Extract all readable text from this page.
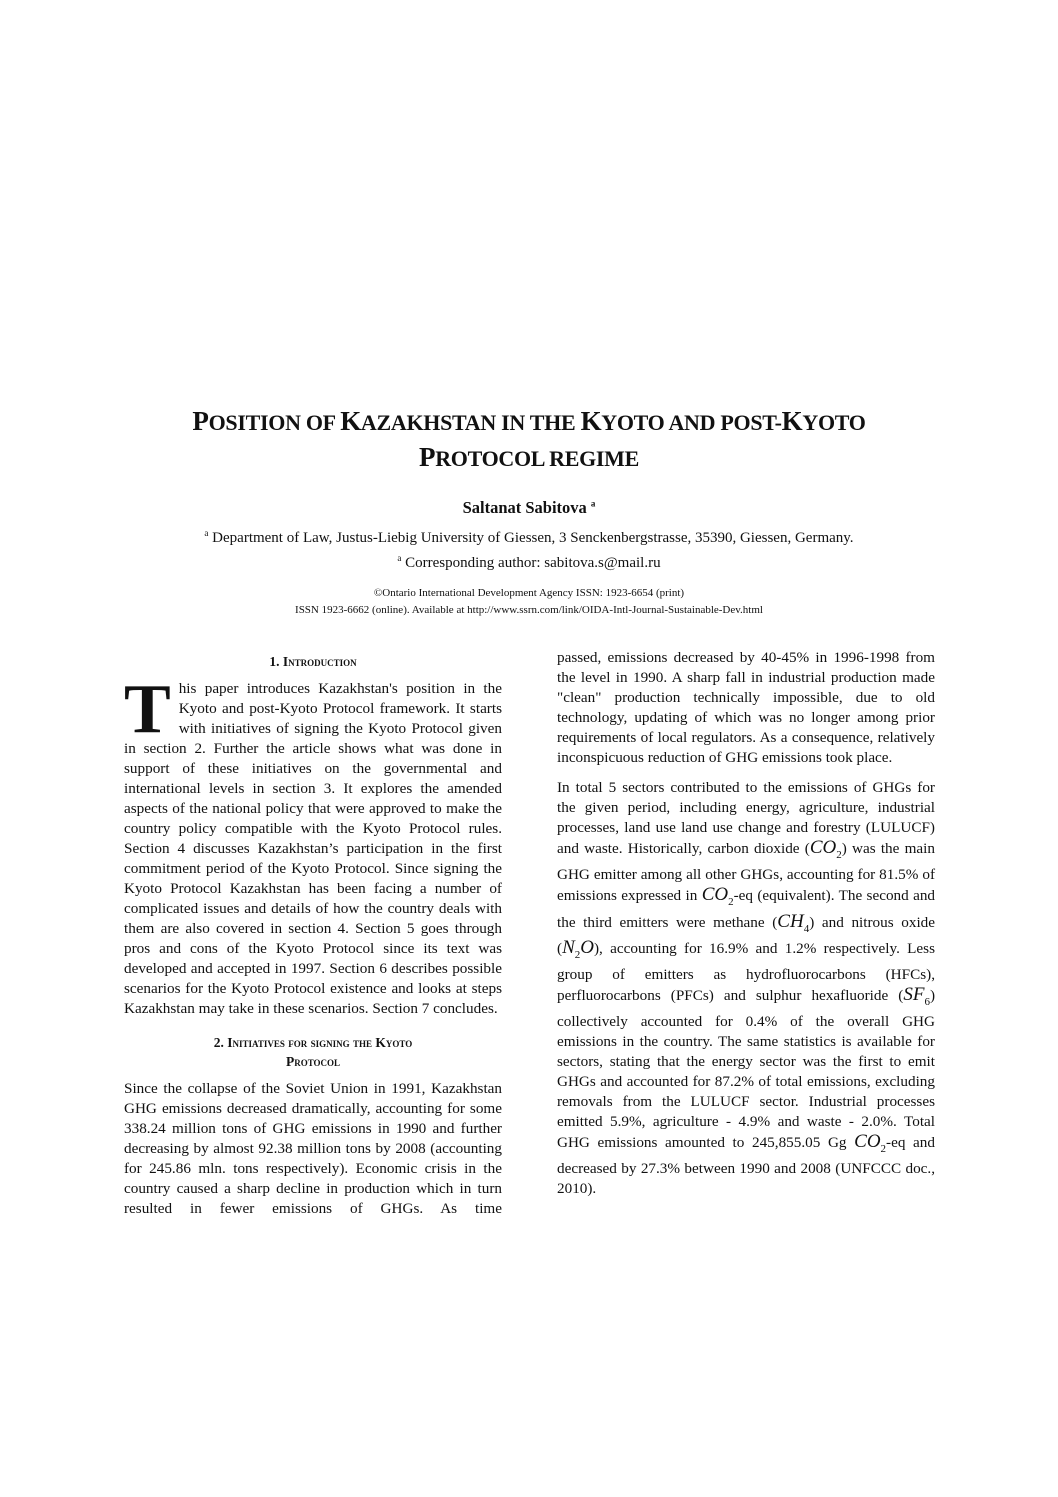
POSITION OF KAZAKHSTAN IN THE KYOTO AND POST-KYOTO
PROTOCOL REGIME
Saltanat Sabitova $^a$
$^a$ Department of Law, Justus-Liebig University of Giessen, 3 Senckenbergstrasse, 35390, Giessen, Germany.
$^a$ Corresponding author: sabitova.s@mail.ru
©Ontario International Development Agency ISSN: 1923-6654 (print)
ISSN 1923-6662 (online). Available at http://www.ssrn.com/link/OIDA-Intl-Journal-Sustainable-Dev.html
1. Introduction

This paper introduces Kazakhstan's position in the Kyoto and post-Kyoto Protocol framework. It starts with initiatives of signing the Kyoto Protocol given in section 2. Further the article shows what was done in support of these initiatives on the governmental and international levels in section 3. It explores the amended aspects of the national policy that were approved to make the country policy compatible with the Kyoto Protocol rules. Section 4 discusses Kazakhstan’s participation in the first commitment period of the Kyoto Protocol. Since signing the Kyoto Protocol Kazakhstan has been facing a number of complicated issues and details of how the country deals with them are also covered in section 4. Section 5 goes through pros and cons of the Kyoto Protocol since its text was developed and accepted in 1997. Section 6 describes possible scenarios for the Kyoto Protocol existence and looks at steps Kazakhstan may take in these scenarios. Section 7 concludes.

2. Initiatives for signing the Kyoto
Protocol

Since the collapse of the Soviet Union in 1991, Kazakhstan GHG emissions decreased dramatically, accounting for some 338.24 million tons of GHG emissions in 1990 and further decreasing by almost 92.38 million tons by 2008 (accounting for 245.86 mln. tons respectively). Economic crisis in the country caused a sharp decline in production which in turn resulted in fewer emissions of GHGs. As time

passed, emissions decreased by 40-45% in 1996-1998 from the level in 1990. A sharp fall in industrial production made "clean" production technically impossible, due to old technology, updating of which was no longer among prior requirements of local regulators. As a consequence, relatively inconspicuous reduction of GHG emissions took place.

In total 5 sectors contributed to the emissions of GHGs for the given period, including energy, agriculture, industrial processes, land use land use change and forestry (LULUCF) and waste. Historically, carbon dioxide $(CO_2)$ was the main GHG emitter among all other GHGs, accounting for 81.5% of emissions expressed in $CO_2-eq$ (equivalent). The second and the third emitters were methane $(CH_4)$ and nitrous oxide $(N_2O)$, accounting for 16.9% and 1.2% respectively. Less group of emitters as hydrofluorocarbons (HFCs), perfluorocarbons (PFCs) and sulphur hexafluoride $(SF_6)$ collectively accounted for 0.4% of the overall GHG emissions in the country. The same statistics is available for sectors, stating that the energy sector was the first to emit GHGs and accounted for 87.2% of total emissions, excluding removals from the LULUCF sector. Industrial processes emitted 5.9%, agriculture - 4.9% and waste - 2.0%. Total GHG emissions amounted to 245,855.05 Gg $CO_2-eq$ and decreased by 27.3% between 1990 and 2008 (UNFCCC doc., 2010).
